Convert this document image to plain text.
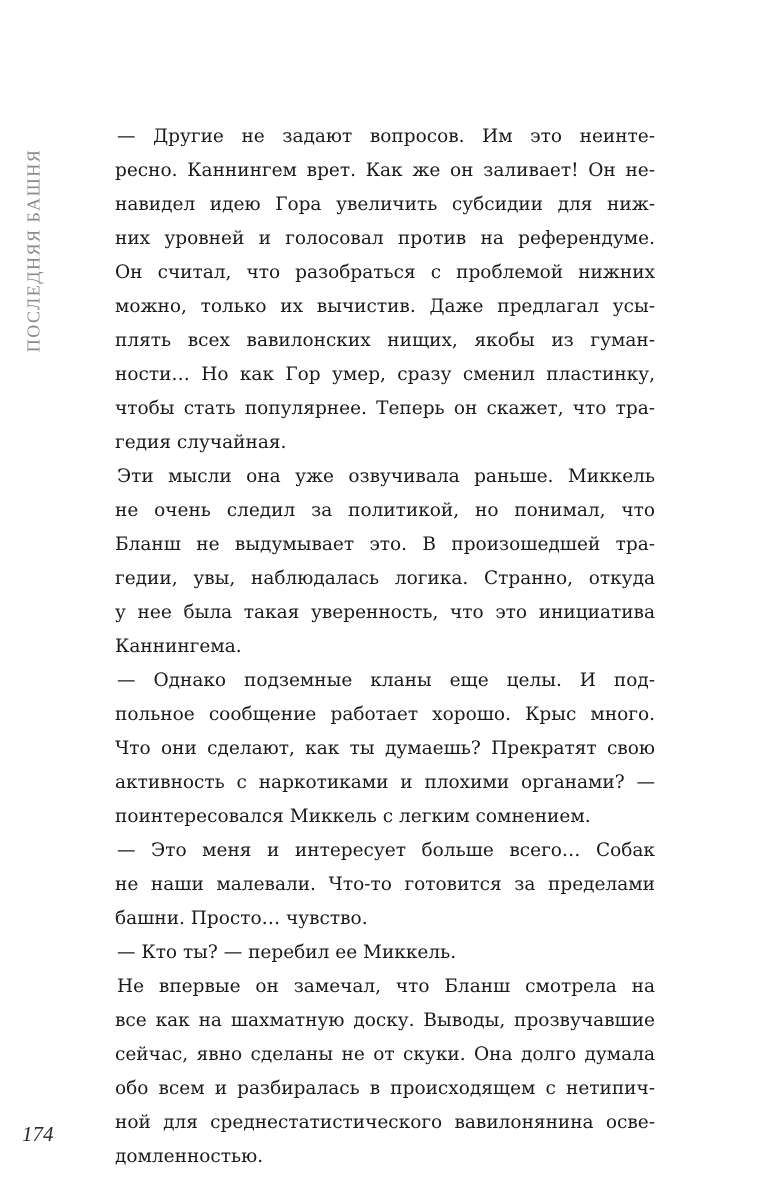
ПОСЛЕДНЯЯ БАШНЯ
— Другие не задают вопросов. Им это неинте-
ресно. Каннингем врет. Как же он заливает! Он не-
навидел идею Гора увеличить субсидии для ниж-
них уровней и голосовал против на референдуме.
Он считал, что разобраться с проблемой нижних
можно, только их вычистив. Даже предлагал усы-
плять всех вавилонских нищих, якобы из гуман-
ности… Но как Гор умер, сразу сменил пластинку,
чтобы стать популярнее. Теперь он скажет, что тра-
гедия случайная.
Эти мысли она уже озвучивала раньше. Миккель
не очень следил за политикой, но понимал, что
Бланш не выдумывает это. В произошедшей тра-
гедии, увы, наблюдалась логика. Странно, откуда
у нее была такая уверенность, что это инициатива
Каннингема.
— Однако подземные кланы еще целы. И под-
польное сообщение работает хорошо. Крыс много.
Что они сделают, как ты думаешь? Прекратят свою
активность с наркотиками и плохими органами? —
поинтересовался Миккель с легким сомнением.
— Это меня и интересует больше всего… Собак
не наши малевали. Что-то готовится за пределами
башни. Просто… чувство.
— Кто ты? — перебил ее Миккель.
Не впервые он замечал, что Бланш смотрела на
все как на шахматную доску. Выводы, прозвучавшие
сейчас, явно сделаны не от скуки. Она долго думала
обо всем и разбиралась в происходящем с нетипич-
ной для среднестатистического вавилонянина осве-
домленностью.
174
